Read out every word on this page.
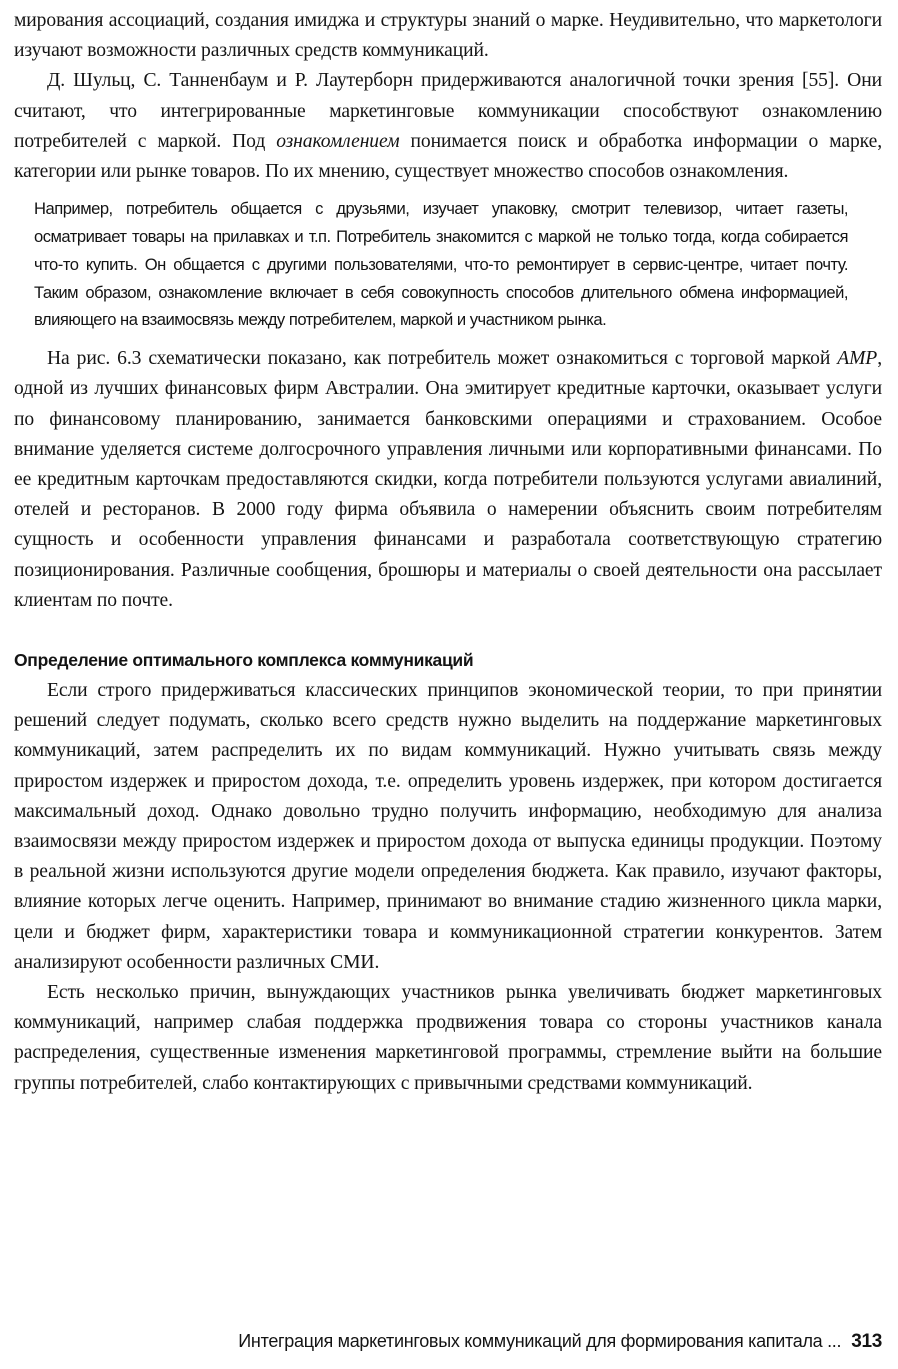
мирования ассоциаций, создания имиджа и структуры знаний о марке. Неудивительно, что маркетологи изучают возможности различных средств коммуникаций.

Д. Шульц, С. Танненбаум и Р. Лаутерборн придерживаются аналогичной точки зрения [55]. Они считают, что интегрированные маркетинговые коммуникации способствуют ознакомлению потребителей с маркой. Под ознакомлением понимается поиск и обработка информации о марке, категории или рынке товаров. По их мнению, существует множество способов ознакомления.

Например, потребитель общается с друзьями, изучает упаковку, смотрит телевизор, читает газеты, осматривает товары на прилавках и т.п. Потребитель знакомится с маркой не только тогда, когда собирается что-то купить. Он общается с другими пользователями, что-то ремонтирует в сервис-центре, читает почту. Таким образом, ознакомление включает в себя совокупность способов длительного обмена информацией, влияющего на взаимосвязь между потребителем, маркой и участником рынка.

На рис. 6.3 схематически показано, как потребитель может ознакомиться с торговой маркой AMP, одной из лучших финансовых фирм Австралии. Она эмитирует кредитные карточки, оказывает услуги по финансовому планированию, занимается банковскими операциями и страхованием. Особое внимание уделяется системе долгосрочного управления личными или корпоративными финансами. По ее кредитным карточкам предоставляются скидки, когда потребители пользуются услугами авиалиний, отелей и ресторанов. В 2000 году фирма объявила о намерении объяснить своим потребителям сущность и особенности управления финансами и разработала соответствующую стратегию позиционирования. Различные сообщения, брошюры и материалы о своей деятельности она рассылает клиентам по почте.

Определение оптимального комплекса коммуникаций

Если строго придерживаться классических принципов экономической теории, то при принятии решений следует подумать, сколько всего средств нужно выделить на поддержание маркетинговых коммуникаций, затем распределить их по видам коммуникаций. Нужно учитывать связь между приростом издержек и приростом дохода, т.е. определить уровень издержек, при котором достигается максимальный доход. Однако довольно трудно получить информацию, необходимую для анализа взаимосвязи между приростом издержек и приростом дохода от выпуска единицы продукции. Поэтому в реальной жизни используются другие модели определения бюджета. Как правило, изучают факторы, влияние которых легче оценить. Например, принимают во внимание стадию жизненного цикла марки, цели и бюджет фирм, характеристики товара и коммуникационной стратегии конкурентов. Затем анализируют особенности различных СМИ.

Есть несколько причин, вынуждающих участников рынка увеличивать бюджет маркетинговых коммуникаций, например слабая поддержка продвижения товара со стороны участников канала распределения, существенные изменения маркетинговой программы, стремление выйти на большие группы потребителей, слабо контактирующих с привычными средствами коммуникаций.

Интеграция маркетинговых коммуникаций для формирования капитала ... 313
